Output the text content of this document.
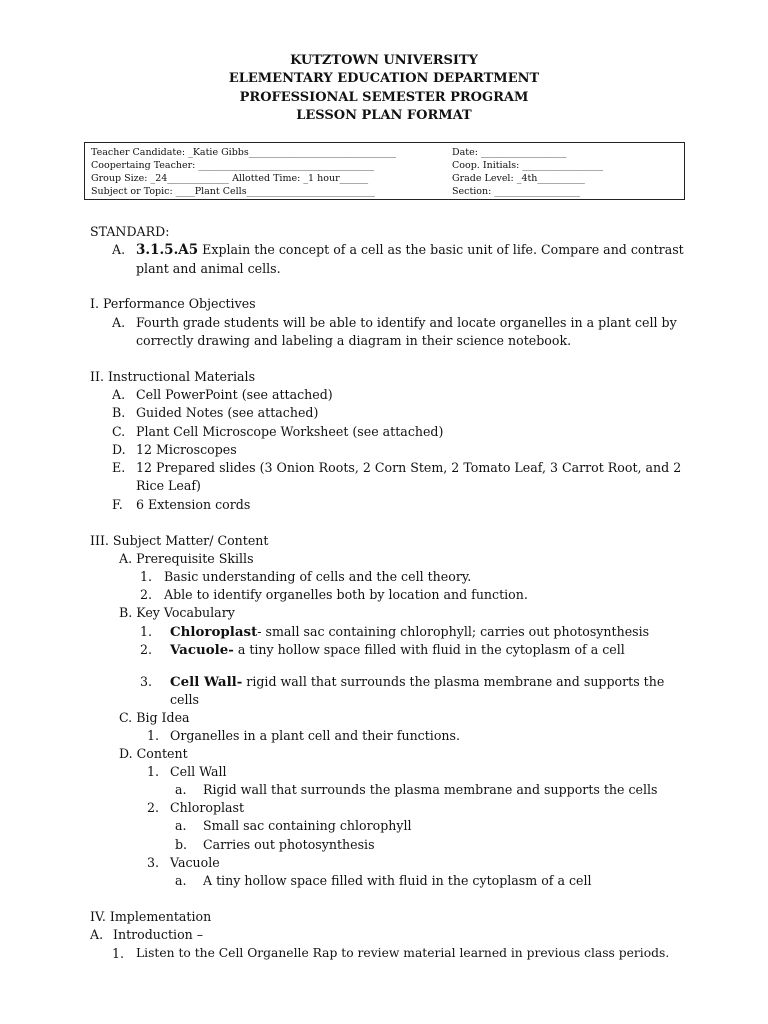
KUTZTOWN UNIVERSITY
ELEMENTARY EDUCATION DEPARTMENT
PROFESSIONAL SEMESTER PROGRAM
LESSON PLAN FORMAT
Teacher Candidate: _Katie Gibbs_______________________________
Coopertaing Teacher: _____________________________________
Group Size: _24_____________ Allotted Time: _1 hour______
Subject or Topic: ____Plant Cells___________________________
Date: __________________
Coop. Initials: _________________
Grade Level: _4th__________
Section: __________________
STANDARD:
A. 3.1.5.A5 Explain the concept of a cell as the basic unit of life. Compare and contrast
plant and animal cells.
I. Performance Objectives
A. Fourth grade students will be able to identify and locate organelles in a plant cell by
correctly drawing and labeling a diagram in their science notebook.
II. Instructional Materials
A. Cell PowerPoint (see attached)
B. Guided Notes (see attached)
C. Plant Cell Microscope Worksheet (see attached)
D. 12 Microscopes
E. 12 Prepared slides (3 Onion Roots, 2 Corn Stem, 2 Tomato Leaf, 3 Carrot Root, and 2
Rice Leaf)
F. 6 Extension cords
III. Subject Matter/ Content
A. Prerequisite Skills
1. Basic understanding of cells and the cell theory.
2. Able to identify organelles both by location and function.
B. Key Vocabulary
1. Chloroplast- small sac containing chlorophyll; carries out photosynthesis
2. Vacuole- a tiny hollow space filled with fluid in the cytoplasm of a cell
3. Cell Wall- rigid wall that surrounds the plasma membrane and supports the
cells
C. Big Idea
1. Organelles in a plant cell and their functions.
D. Content
1. Cell Wall
a. Rigid wall that surrounds the plasma membrane and supports the cells
2. Chloroplast
a. Small sac containing chlorophyll
b. Carries out photosynthesis
3. Vacuole
a. A tiny hollow space filled with fluid in the cytoplasm of a cell
IV. Implementation
A. Introduction –
1. Listen to the Cell Organelle Rap to review material learned in previous class periods.
